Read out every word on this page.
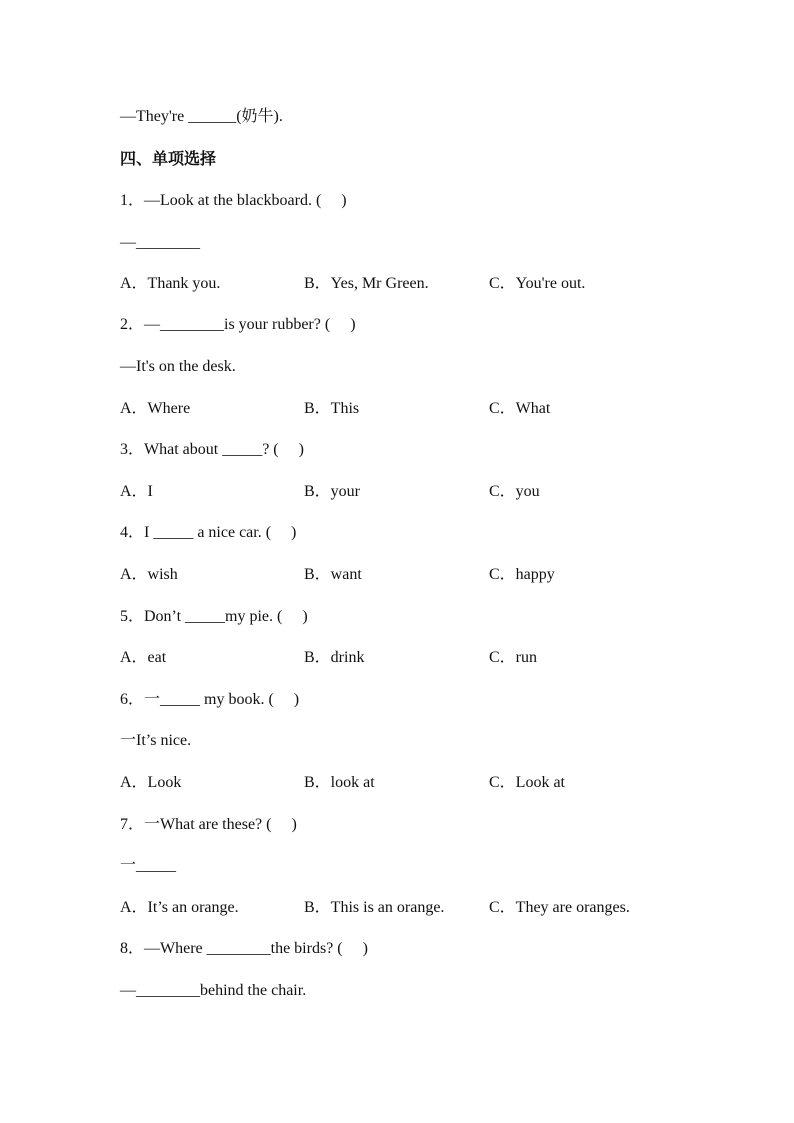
—They're ______(奶牛).
四、单项选择
1．—Look at the blackboard. (     )
—________
A．Thank you.	B．Yes, Mr Green.	C．You're out.
2．—________is your rubber? (     )
—It's on the desk.
A．Where	B．This	C．What
3．What about _____? (     )
A．I	B．your	C．you
4．I _____ a nice car. (     )
A．wish	B．want	C．happy
5．Don’t _____my pie. (     )
A．eat	B．drink	C．run
6．一_____ my book. (     )
一It’s nice.
A．Look	B．look at	C．Look at
7．一What are these? (     )
一_____
A．It’s an orange.	B．This is an orange.	C．They are oranges.
8．—Where ________the birds? (     )
—________behind the chair.
